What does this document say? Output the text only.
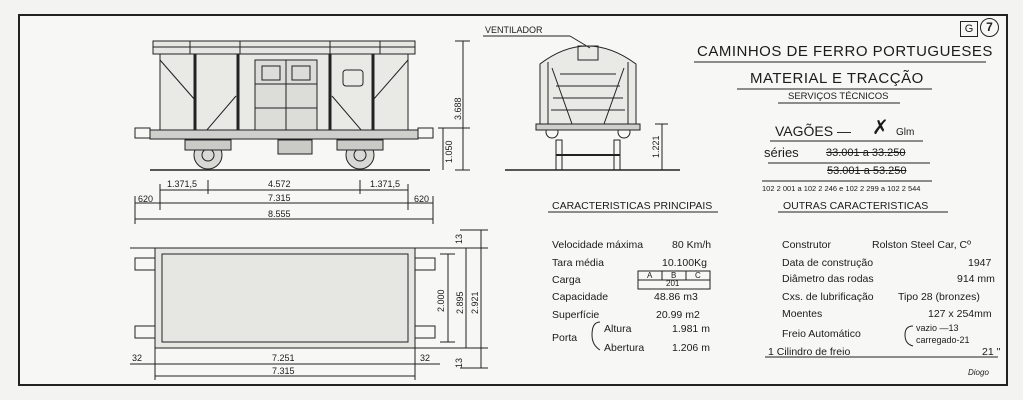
G	7
CAMINHOS DE FERRO PORTUGUESES
MATERIAL E TRACÇÃO
SERVIÇOS TÉCNICOS
VAGÕES — ✗ Glm
séries 33.001 a 33.250
53.001 a 53.250
102 2 001 a 102 2 246 e 102 2 299 a 102 2 544
VENTILADOR
3.688
1.050
1.371,5	4.572	1.371,5
7.315
620	620
8.555
1.221
13
2.000 2.895 2.921
13
32	7.251	32
7.315	Diogo
CARACTERISTICAS PRINCIPAIS
Velocidade máxima	80 Km/h
Tara média	10.100Kg
Carga	A B C
201
Capacidade	48.86 m3
Superfície	20.99 m2
Porta
Altura	1.981 m
Abertura	1.206 m
OUTRAS CARACTERISTICAS
Construtor	Rolston Steel Car, Cº
Data de construção	1947
Diâmetro das rodas	914 mm
Cxs. de lubrificação Tipo 28 (bronzes)
Moentes	127 x 254mm
Freio Automático	vazio —13
carregado-21
1 Cilindro de freio	21 "
